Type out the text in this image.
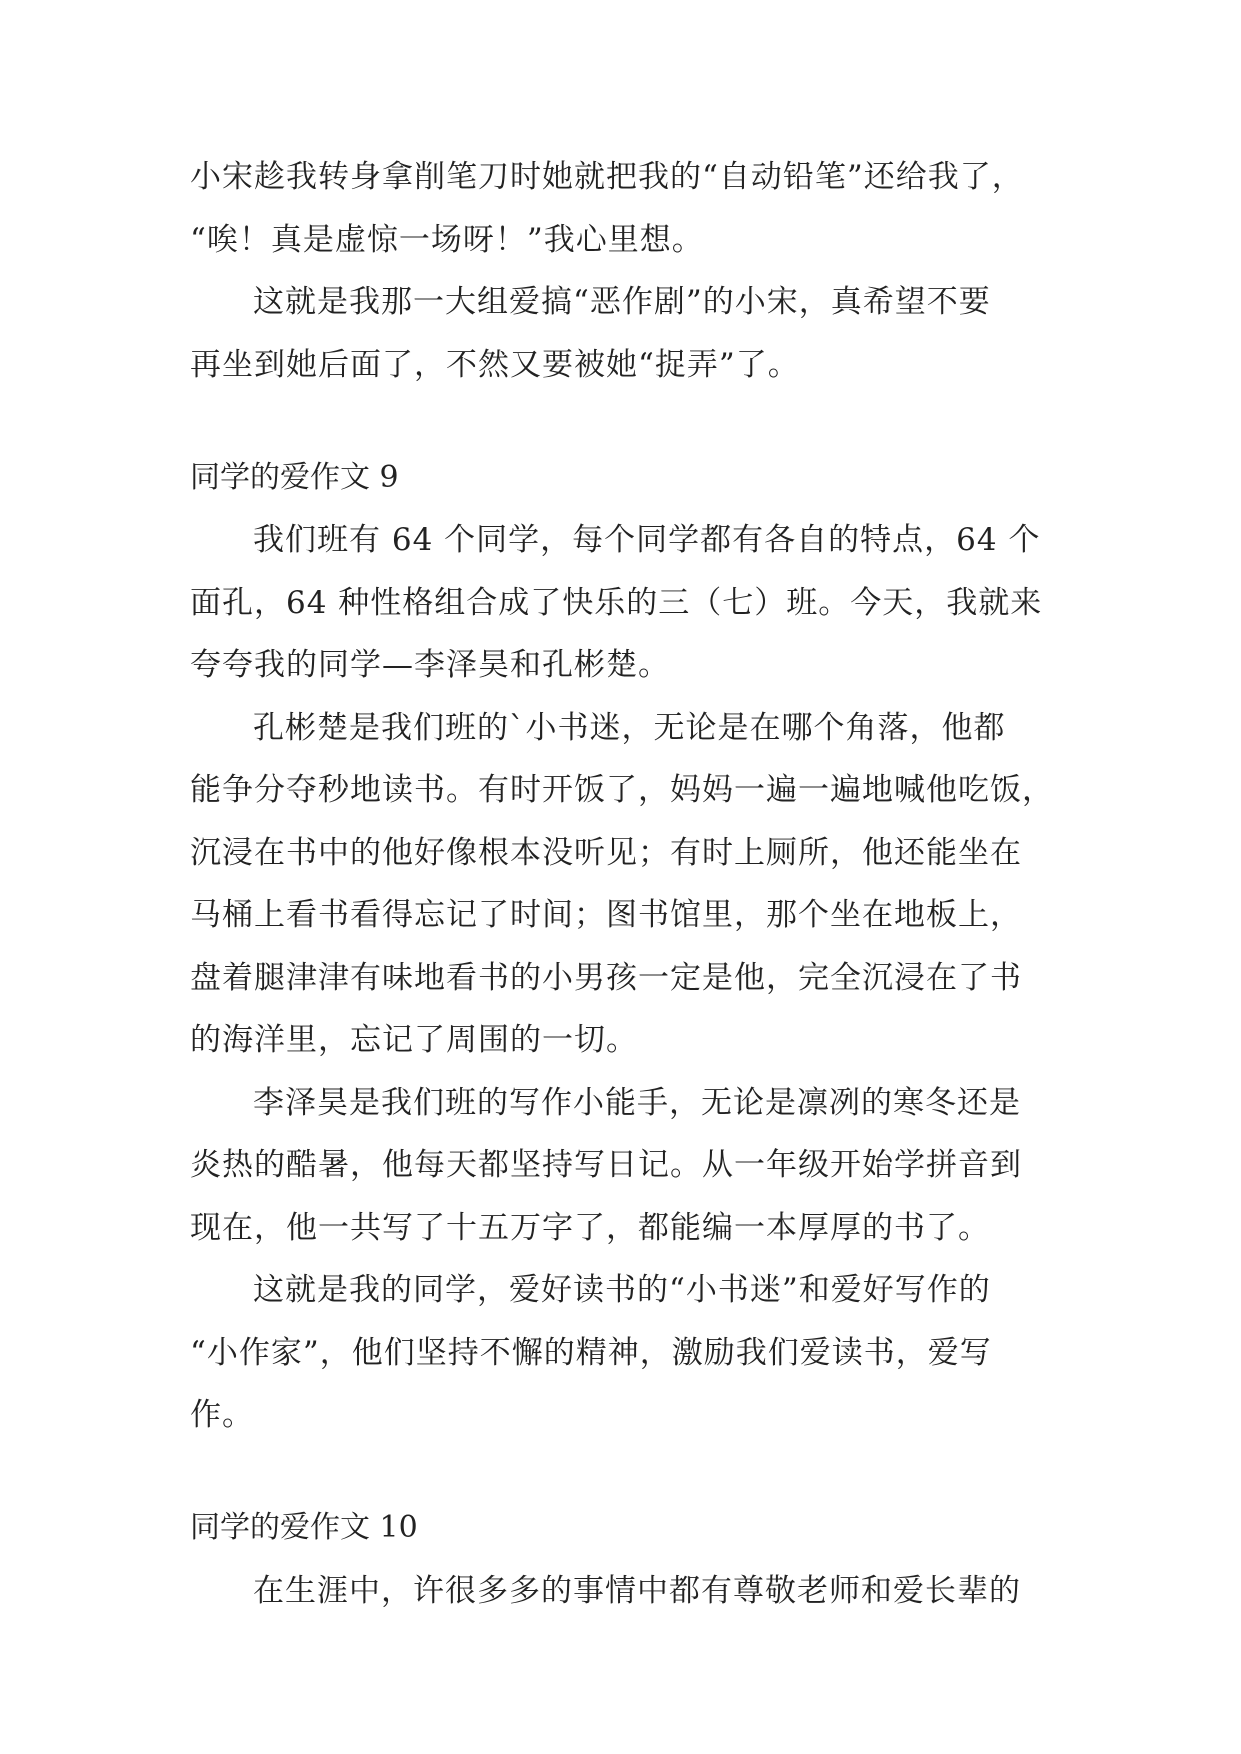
小宋趁我转身拿削笔刀时她就把我的“自动铅笔”还给我了，
“唉！真是虚惊一场呀！”我心里想。
这就是我那一大组爱搞“恶作剧”的小宋，真希望不要
再坐到她后面了，不然又要被她“捉弄”了。
同学的爱作文 9
我们班有 64 个同学，每个同学都有各自的特点，64 个
面孔，64 种性格组合成了快乐的三（七）班。今天，我就来
夸夸我的同学—李泽昊和孔彬楚。
孔彬楚是我们班的`小书迷，无论是在哪个角落，他都
能争分夺秒地读书。有时开饭了，妈妈一遍一遍地喊他吃饭，
沉浸在书中的他好像根本没听见；有时上厕所，他还能坐在
马桶上看书看得忘记了时间；图书馆里，那个坐在地板上，
盘着腿津津有味地看书的小男孩一定是他，完全沉浸在了书
的海洋里，忘记了周围的一切。
李泽昊是我们班的写作小能手，无论是凛冽的寒冬还是
炎热的酷暑，他每天都坚持写日记。从一年级开始学拼音到
现在，他一共写了十五万字了，都能编一本厚厚的书了。
这就是我的同学，爱好读书的“小书迷”和爱好写作的
“小作家”，他们坚持不懈的精神，激励我们爱读书，爱写
作。
同学的爱作文 10
在生涯中，许很多多的事情中都有尊敬老师和爱长辈的
